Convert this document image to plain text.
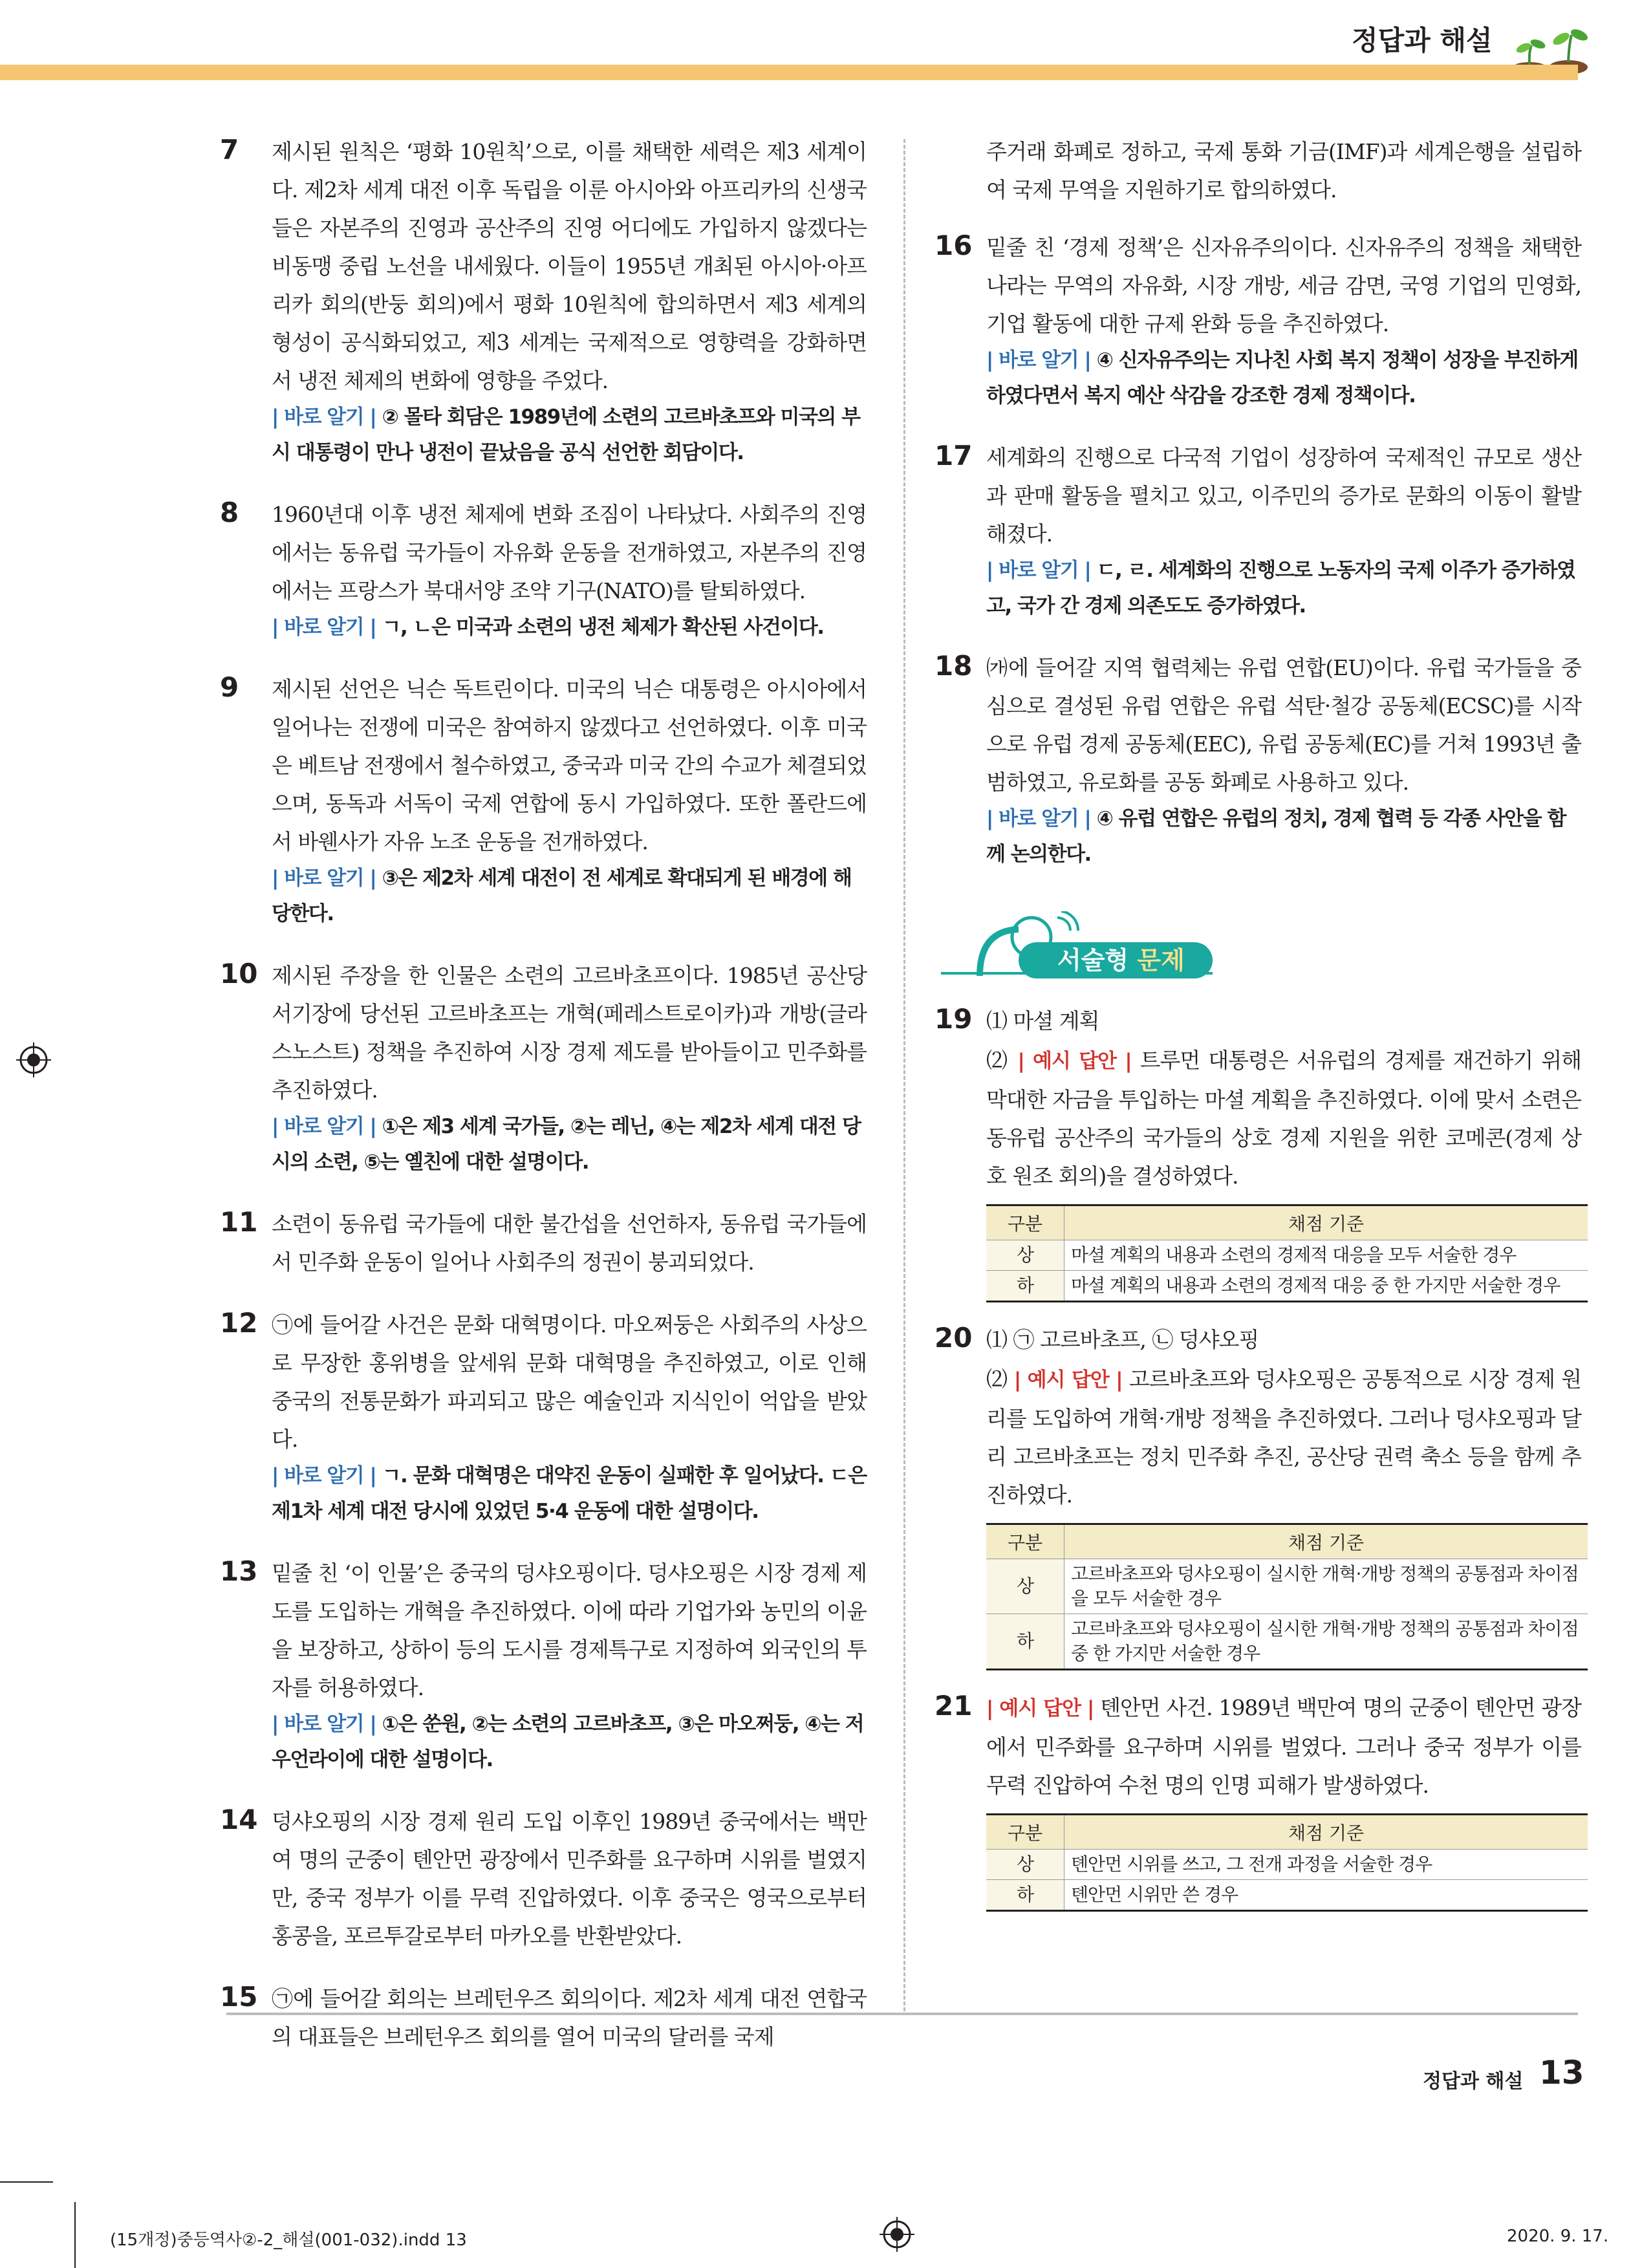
정답과 해설
7 제시된 원칙은 ‘평화 10원칙’으로, 이를 채택한 세력은 제3 세계이다. 제2차 세계 대전 이후 독립을 이룬 아시아와 아프리카의 신생국들은 자본주의 진영과 공산주의 진영 어디에도 가입하지 않겠다는 비동맹 중립 노선을 내세웠다. 이들이 1955년 개최된 아시아·아프리카 회의(반둥 회의)에서 평화 10원칙에 합의하면서 제3 세계의 형성이 공식화되었고, 제3 세계는 국제적으로 영향력을 강화하면서 냉전 체제의 변화에 영향을 주었다.
| 바로 알기 | ② 몰타 회담은 1989년에 소련의 고르바초프와 미국의 부시 대통령이 만나 냉전이 끝났음을 공식 선언한 회담이다.
8 1960년대 이후 냉전 체제에 변화 조짐이 나타났다. 사회주의 진영에서는 동유럽 국가들이 자유화 운동을 전개하였고, 자본주의 진영에서는 프랑스가 북대서양 조약 기구(NATO)를 탈퇴하였다.
| 바로 알기 | ㄱ, ㄴ은 미국과 소련의 냉전 체제가 확산된 사건이다.
9 제시된 선언은 닉슨 독트린이다. 미국의 닉슨 대통령은 아시아에서 일어나는 전쟁에 미국은 참여하지 않겠다고 선언하였다. 이후 미국은 베트남 전쟁에서 철수하였고, 중국과 미국 간의 수교가 체결되었으며, 동독과 서독이 국제 연합에 동시 가입하였다. 또한 폴란드에서 바웬사가 자유 노조 운동을 전개하였다.
| 바로 알기 | ③은 제2차 세계 대전이 전 세계로 확대되게 된 배경에 해당한다.
10 제시된 주장을 한 인물은 소련의 고르바초프이다. 1985년 공산당 서기장에 당선된 고르바초프는 개혁(페레스트로이카)과 개방(글라스노스트) 정책을 추진하여 시장 경제 제도를 받아들이고 민주화를 추진하였다.
| 바로 알기 | ①은 제3 세계 국가들, ②는 레닌, ④는 제2차 세계 대전 당시의 소련, ⑤는 옐친에 대한 설명이다.
11 소련이 동유럽 국가들에 대한 불간섭을 선언하자, 동유럽 국가들에서 민주화 운동이 일어나 사회주의 정권이 붕괴되었다.
12 ㉠에 들어갈 사건은 문화 대혁명이다. 마오쩌둥은 사회주의 사상으로 무장한 홍위병을 앞세워 문화 대혁명을 추진하였고, 이로 인해 중국의 전통문화가 파괴되고 많은 예술인과 지식인이 억압을 받았다.
| 바로 알기 | ㄱ. 문화 대혁명은 대약진 운동이 실패한 후 일어났다. ㄷ은 제1차 세계 대전 당시에 있었던 5·4 운동에 대한 설명이다.
13 밑줄 친 ‘이 인물’은 중국의 덩샤오핑이다. 덩샤오핑은 시장 경제 제도를 도입하는 개혁을 추진하였다. 이에 따라 기업가와 농민의 이윤을 보장하고, 상하이 등의 도시를 경제특구로 지정하여 외국인의 투자를 허용하였다.
| 바로 알기 | ①은 쑨원, ②는 소련의 고르바초프, ③은 마오쩌둥, ④는 저우언라이에 대한 설명이다.
14 덩샤오핑의 시장 경제 원리 도입 이후인 1989년 중국에서는 백만여 명의 군중이 톈안먼 광장에서 민주화를 요구하며 시위를 벌였지만, 중국 정부가 이를 무력 진압하였다. 이후 중국은 영국으로부터 홍콩을, 포르투갈로부터 마카오를 반환받았다.
15 ㉠에 들어갈 회의는 브레턴우즈 회의이다. 제2차 세계 대전 연합국의 대표들은 브레턴우즈 회의를 열어 미국의 달러를 국제
주거래 화폐로 정하고, 국제 통화 기금(IMF)과 세계은행을 설립하여 국제 무역을 지원하기로 합의하였다.
16 밑줄 친 ‘경제 정책’은 신자유주의이다. 신자유주의 정책을 채택한 나라는 무역의 자유화, 시장 개방, 세금 감면, 국영 기업의 민영화, 기업 활동에 대한 규제 완화 등을 추진하였다.
| 바로 알기 | ④ 신자유주의는 지나친 사회 복지 정책이 성장을 부진하게 하였다면서 복지 예산 삭감을 강조한 경제 정책이다.
17 세계화의 진행으로 다국적 기업이 성장하여 국제적인 규모로 생산과 판매 활동을 펼치고 있고, 이주민의 증가로 문화의 이동이 활발해졌다.
| 바로 알기 | ㄷ, ㄹ. 세계화의 진행으로 노동자의 국제 이주가 증가하였고, 국가 간 경제 의존도도 증가하였다.
18 ㈎에 들어갈 지역 협력체는 유럽 연합(EU)이다. 유럽 국가들을 중심으로 결성된 유럽 연합은 유럽 석탄·철강 공동체(ECSC)를 시작으로 유럽 경제 공동체(EEC), 유럽 공동체(EC)를 거쳐 1993년 출범하였고, 유로화를 공동 화폐로 사용하고 있다.
| 바로 알기 | ④ 유럽 연합은 유럽의 정치, 경제 협력 등 각종 사안을 함께 논의한다.
서술형 문제
19 ⑴ 마셜 계획
⑵ | 예시 답안 | 트루먼 대통령은 서유럽의 경제를 재건하기 위해 막대한 자금을 투입하는 마셜 계획을 추진하였다. 이에 맞서 소련은 동유럽 공산주의 국가들의 상호 경제 지원을 위한 코메콘(경제 상호 원조 회의)을 결성하였다.
구분	채점 기준
상	마셜 계획의 내용과 소련의 경제적 대응을 모두 서술한 경우
하	마셜 계획의 내용과 소련의 경제적 대응 중 한 가지만 서술한 경우
20 ⑴ ㉠ 고르바초프, ㉡ 덩샤오핑
⑵ | 예시 답안 | 고르바초프와 덩샤오핑은 공통적으로 시장 경제 원리를 도입하여 개혁·개방 정책을 추진하였다. 그러나 덩샤오핑과 달리 고르바초프는 정치 민주화 추진, 공산당 권력 축소 등을 함께 추진하였다.
구분	채점 기준
상	고르바초프와 덩샤오핑이 실시한 개혁·개방 정책의 공통점과 차이점을 모두 서술한 경우
하	고르바초프와 덩샤오핑이 실시한 개혁·개방 정책의 공통점과 차이점 중 한 가지만 서술한 경우
21 | 예시 답안 | 톈안먼 사건. 1989년 백만여 명의 군중이 톈안먼 광장에서 민주화를 요구하며 시위를 벌였다. 그러나 중국 정부가 이를 무력 진압하여 수천 명의 인명 피해가 발생하였다.
구분	채점 기준
상	톈안먼 시위를 쓰고, 그 전개 과정을 서술한 경우
하	톈안먼 시위만 쓴 경우
정답과 해설 13
(15개정)중등역사②-2_해설(001-032).indd 13	2020. 9. 17.
